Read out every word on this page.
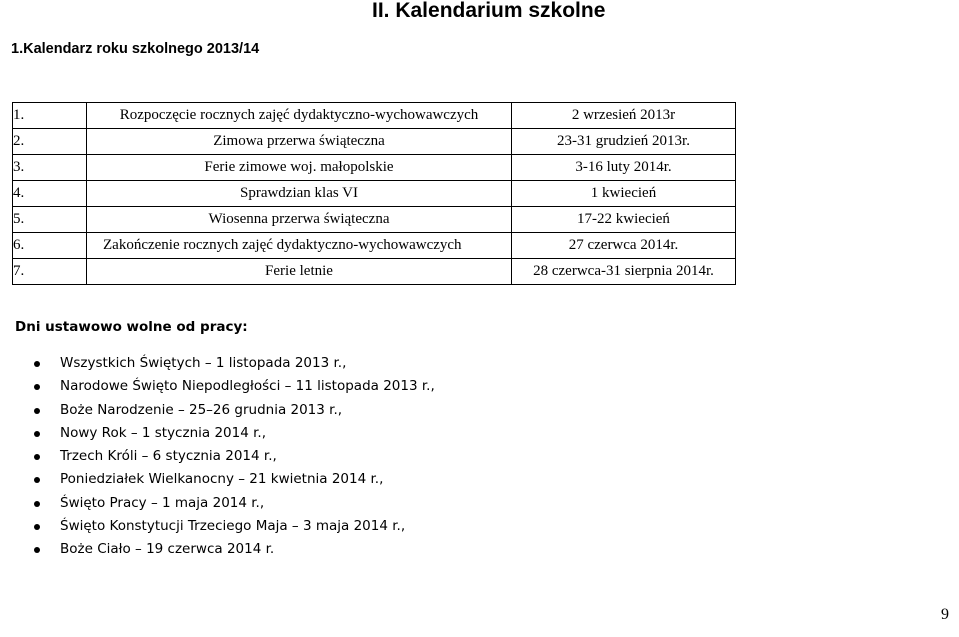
II. Kalendarium szkolne
1.Kalendarz roku szkolnego 2013/14
1.	Rozpoczęcie rocznych zajęć dydaktyczno-wychowawczych	2 wrzesień 2013r
2.	Zimowa przerwa świąteczna	23-31 grudzień 2013r.
3.	Ferie zimowe woj. małopolskie	3-16 luty 2014r.
4.	Sprawdzian klas VI	1 kwiecień
5.	Wiosenna przerwa świąteczna	17-22 kwiecień
6.	Zakończenie rocznych zajęć dydaktyczno-wychowawczych	27 czerwca 2014r.
7.	Ferie letnie	28 czerwca-31 sierpnia 2014r.
Dni ustawowo wolne od pracy:
Wszystkich Świętych – 1 listopada 2013 r.,
Narodowe Święto Niepodległości – 11 listopada 2013 r.,
Boże Narodzenie – 25–26 grudnia 2013 r.,
Nowy Rok – 1 stycznia 2014 r.,
Trzech Króli – 6 stycznia 2014 r.,
Poniedziałek Wielkanocny – 21 kwietnia 2014 r.,
Święto Pracy – 1 maja 2014 r.,
Święto Konstytucji Trzeciego Maja – 3 maja 2014 r.,
Boże Ciało – 19 czerwca 2014 r.
9
